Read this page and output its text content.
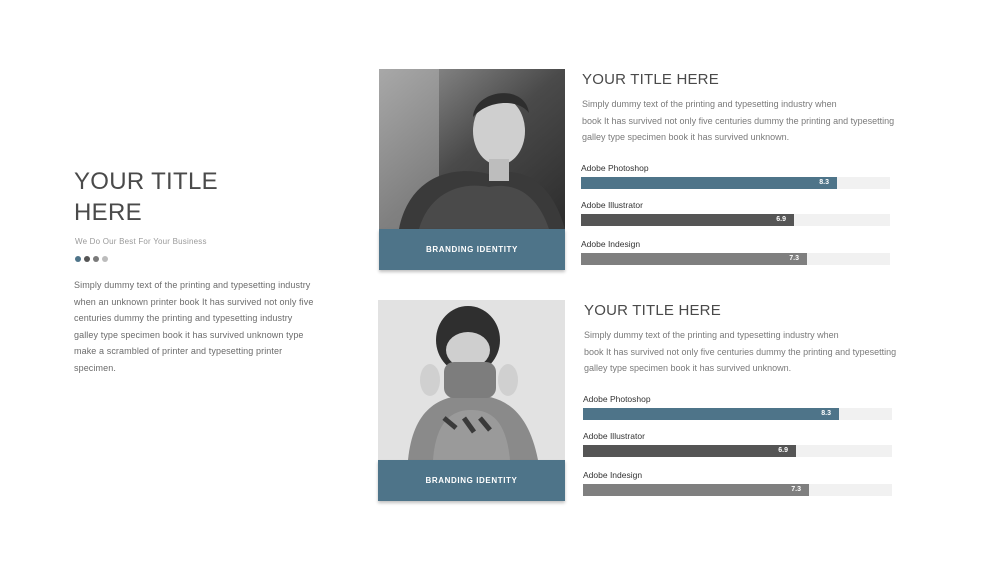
YOUR TITLE
HERE
We Do Our Best For Your Business
Simply dummy text of the printing and typesetting industry
when an unknown printer book It has survived not only five
centuries dummy the printing and typesetting industry
galley type specimen book it has survived unknown type
make a scrambled of printer and typesetting printer
specimen.
BRANDING IDENTITY
YOUR TITLE HERE
Simply dummy text of the printing and typesetting industry when
book It has survived not only five centuries dummy the printing and typesetting
galley type specimen book it has survived unknown.
Adobe Photoshop
8.3
Adobe Illustrator
6.9
Adobe Indesign
7.3
BRANDING IDENTITY
YOUR TITLE HERE
Simply dummy text of the printing and typesetting industry when
book It has survived not only five centuries dummy the printing and typesetting
galley type specimen book it has survived unknown.
Adobe Photoshop
8.3
Adobe Illustrator
6.9
Adobe Indesign
7.3
